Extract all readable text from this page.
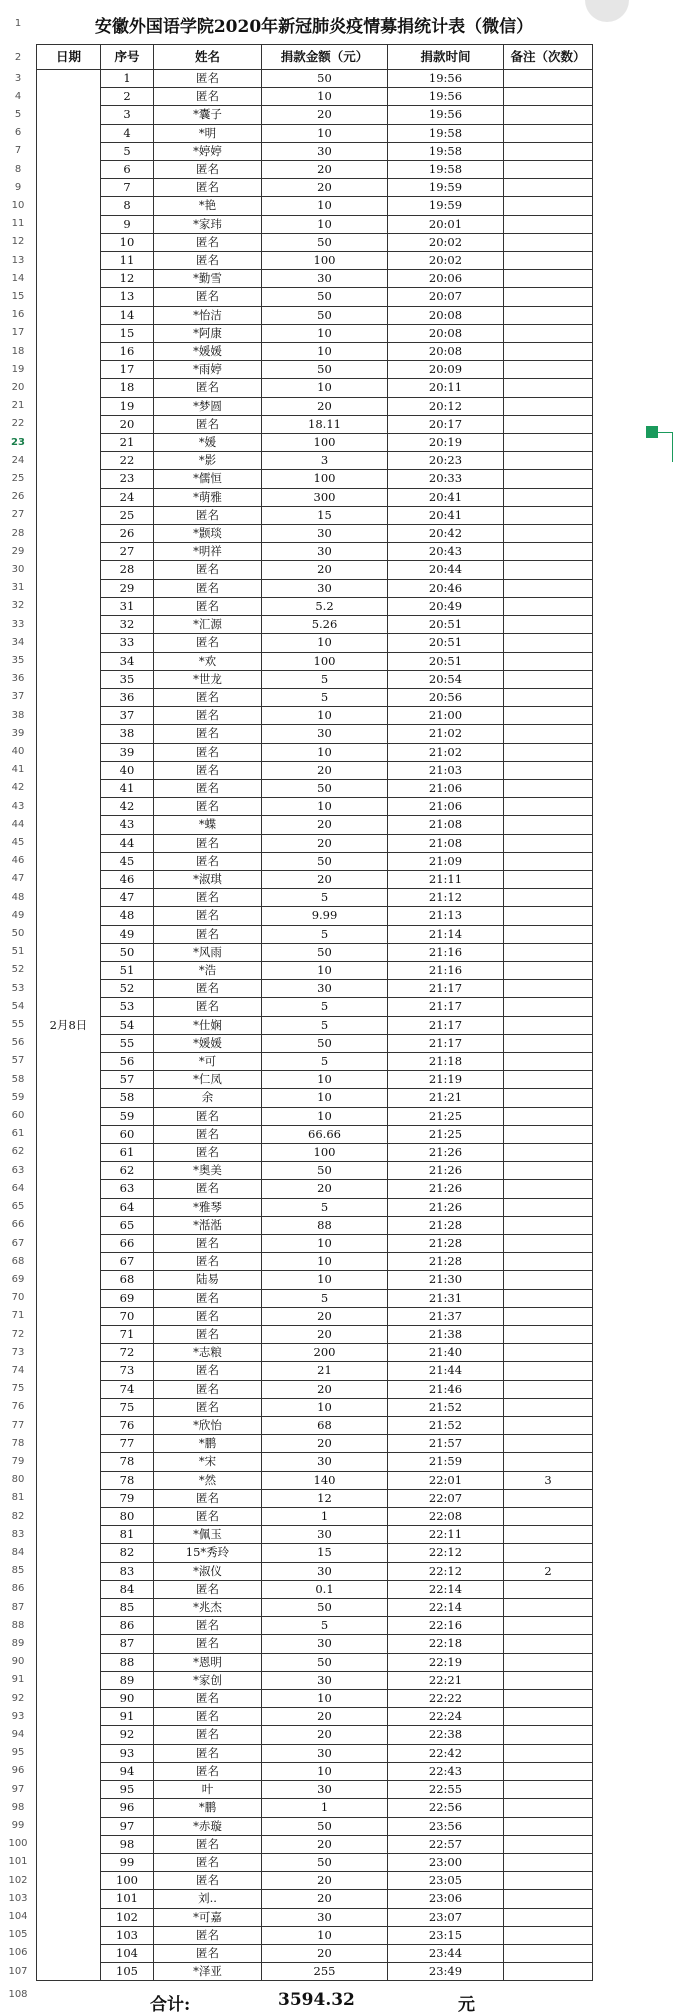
1
2
3
4
5
6
7
8
9
10
11
12
13
14
15
16
17
18
19
20
21
22
23
24
25
26
27
28
29
30
31
32
33
34
35
36
37
38
39
40
41
42
43
44
45
46
47
48
49
50
51
52
53
54
55
56
57
58
59
60
61
62
63
64
65
66
67
68
69
70
71
72
73
74
75
76
77
78
79
80
81
82
83
84
85
86
87
88
89
90
91
92
93
94
95
96
97
98
99
100
101
102
103
104
105
106
107
108
安徽外国语学院2020年新冠肺炎疫情募捐统计表（微信）
日期	序号	姓名	捐款金额（元）	捐款时间	备注（次数）
2月8日	1	匿名	50	19:56	
	2	匿名	10	19:56	
	3	*囊子	20	19:56	
	4	*明	10	19:58	
	5	*婷婷	30	19:58	
	6	匿名	20	19:58	
	7	匿名	20	19:59	
	8	*艳	10	19:59	
	9	*家玮	10	20:01	
	10	匿名	50	20:02	
	11	匿名	100	20:02	
	12	*勤雪	30	20:06	
	13	匿名	50	20:07	
	14	*怡洁	50	20:08	
	15	*阿康	10	20:08	
	16	*媛媛	10	20:08	
	17	*雨婷	50	20:09	
	18	匿名	10	20:11	
	19	*梦圆	20	20:12	
	20	匿名	18.11	20:17	
	21	*媛	100	20:19	
	22	*影	3	20:23	
	23	*儒恒	100	20:33	
	24	*萌雅	300	20:41	
	25	匿名	15	20:41	
	26	*颢琰	30	20:42	
	27	*明祥	30	20:43	
	28	匿名	20	20:44	
	29	匿名	30	20:46	
	31	匿名	5.2	20:49	
	32	*汇源	5.26	20:51	
	33	匿名	10	20:51	
	34	*欢	100	20:51	
	35	*世龙	5	20:54	
	36	匿名	5	20:56	
	37	匿名	10	21:00	
	38	匿名	30	21:02	
	39	匿名	10	21:02	
	40	匿名	20	21:03	
	41	匿名	50	21:06	
	42	匿名	10	21:06	
	43	*蝶	20	21:08	
	44	匿名	20	21:08	
	45	匿名	50	21:09	
	46	*淑琪	20	21:11	
	47	匿名	5	21:12	
	48	匿名	9.99	21:13	
	49	匿名	5	21:14	
	50	*风雨	50	21:16	
	51	*浩	10	21:16	
	52	匿名	30	21:17	
	53	匿名	5	21:17	
	54	*仕娴	5	21:17	
	55	*媛媛	50	21:17	
	56	*可	5	21:18	
	57	*仁凤	10	21:19	
	58	余	10	21:21	
	59	匿名	10	21:25	
	60	匿名	66.66	21:25	
	61	匿名	100	21:26	
	62	*奥美	50	21:26	
	63	匿名	20	21:26	
	64	*雅琴	5	21:26	
	65	*湉湉	88	21:28	
	66	匿名	10	21:28	
	67	匿名	10	21:28	
	68	陆易	10	21:30	
	69	匿名	5	21:31	
	70	匿名	20	21:37	
	71	匿名	20	21:38	
	72	*志粮	200	21:40	
	73	匿名	21	21:44	
	74	匿名	20	21:46	
	75	匿名	10	21:52	
	76	*欣怡	68	21:52	
	77	*鹏	20	21:57	
	78	*宋	30	21:59	
	78	*然	140	22:01	3
	79	匿名	12	22:07	
	80	匿名	1	22:08	
	81	*佩玉	30	22:11	
	82	15*秀玲	15	22:12	
	83	*淑仪	30	22:12	2
	84	匿名	0.1	22:14	
	85	*兆杰	50	22:14	
	86	匿名	5	22:16	
	87	匿名	30	22:18	
	88	*恩明	50	22:19	
	89	*家创	30	22:21	
	90	匿名	10	22:22	
	91	匿名	20	22:24	
	92	匿名	20	22:38	
	93	匿名	30	22:42	
	94	匿名	10	22:43	
	95	叶	30	22:55	
	96	*鹏	1	22:56	
	97	*赤璇	50	23:56	
	98	匿名	20	22:57	
	99	匿名	50	23:00	
	100	匿名	20	23:05	
	101	刘..	20	23:06	
	102	*可嘉	30	23:07	
	103	匿名	10	23:15	
	104	匿名	20	23:44	
	105	*泽亚	255	23:49	
合计:	3594.32	元
